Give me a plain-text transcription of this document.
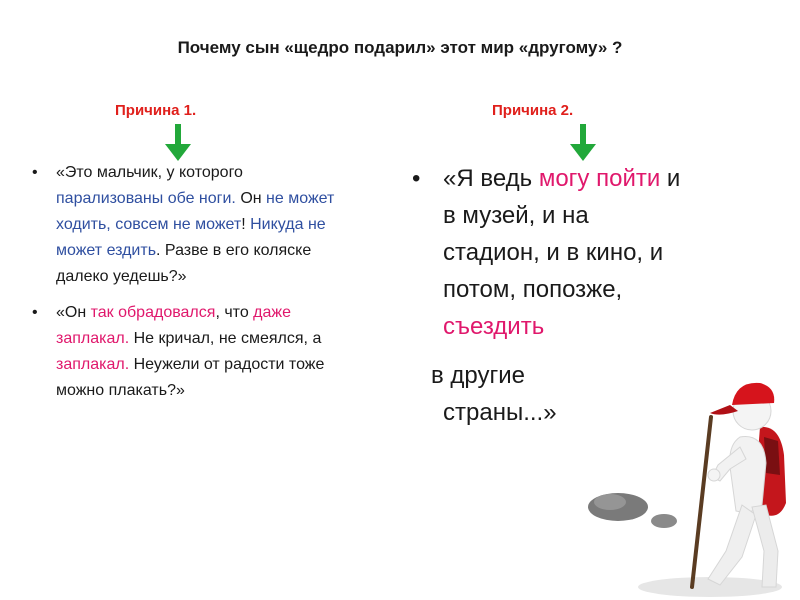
Почему сын «щедро подарил» этот мир «другому» ?
Причина 1.	Причина 2.
• «Это мальчик, у которого парализованы обе ноги. Он не может ходить, совсем не может! Никуда не может ездить. Разве в его коляске далеко уедешь?»
• «Он так обрадовался, что даже заплакал. Не кричал, не смеялся, а заплакал. Неужели от радости тоже можно плакать?»
• «Я ведь могу пойти и в музей, и на стадион, и в кино, и потом, попозже, съездить
в другие
страны...»
